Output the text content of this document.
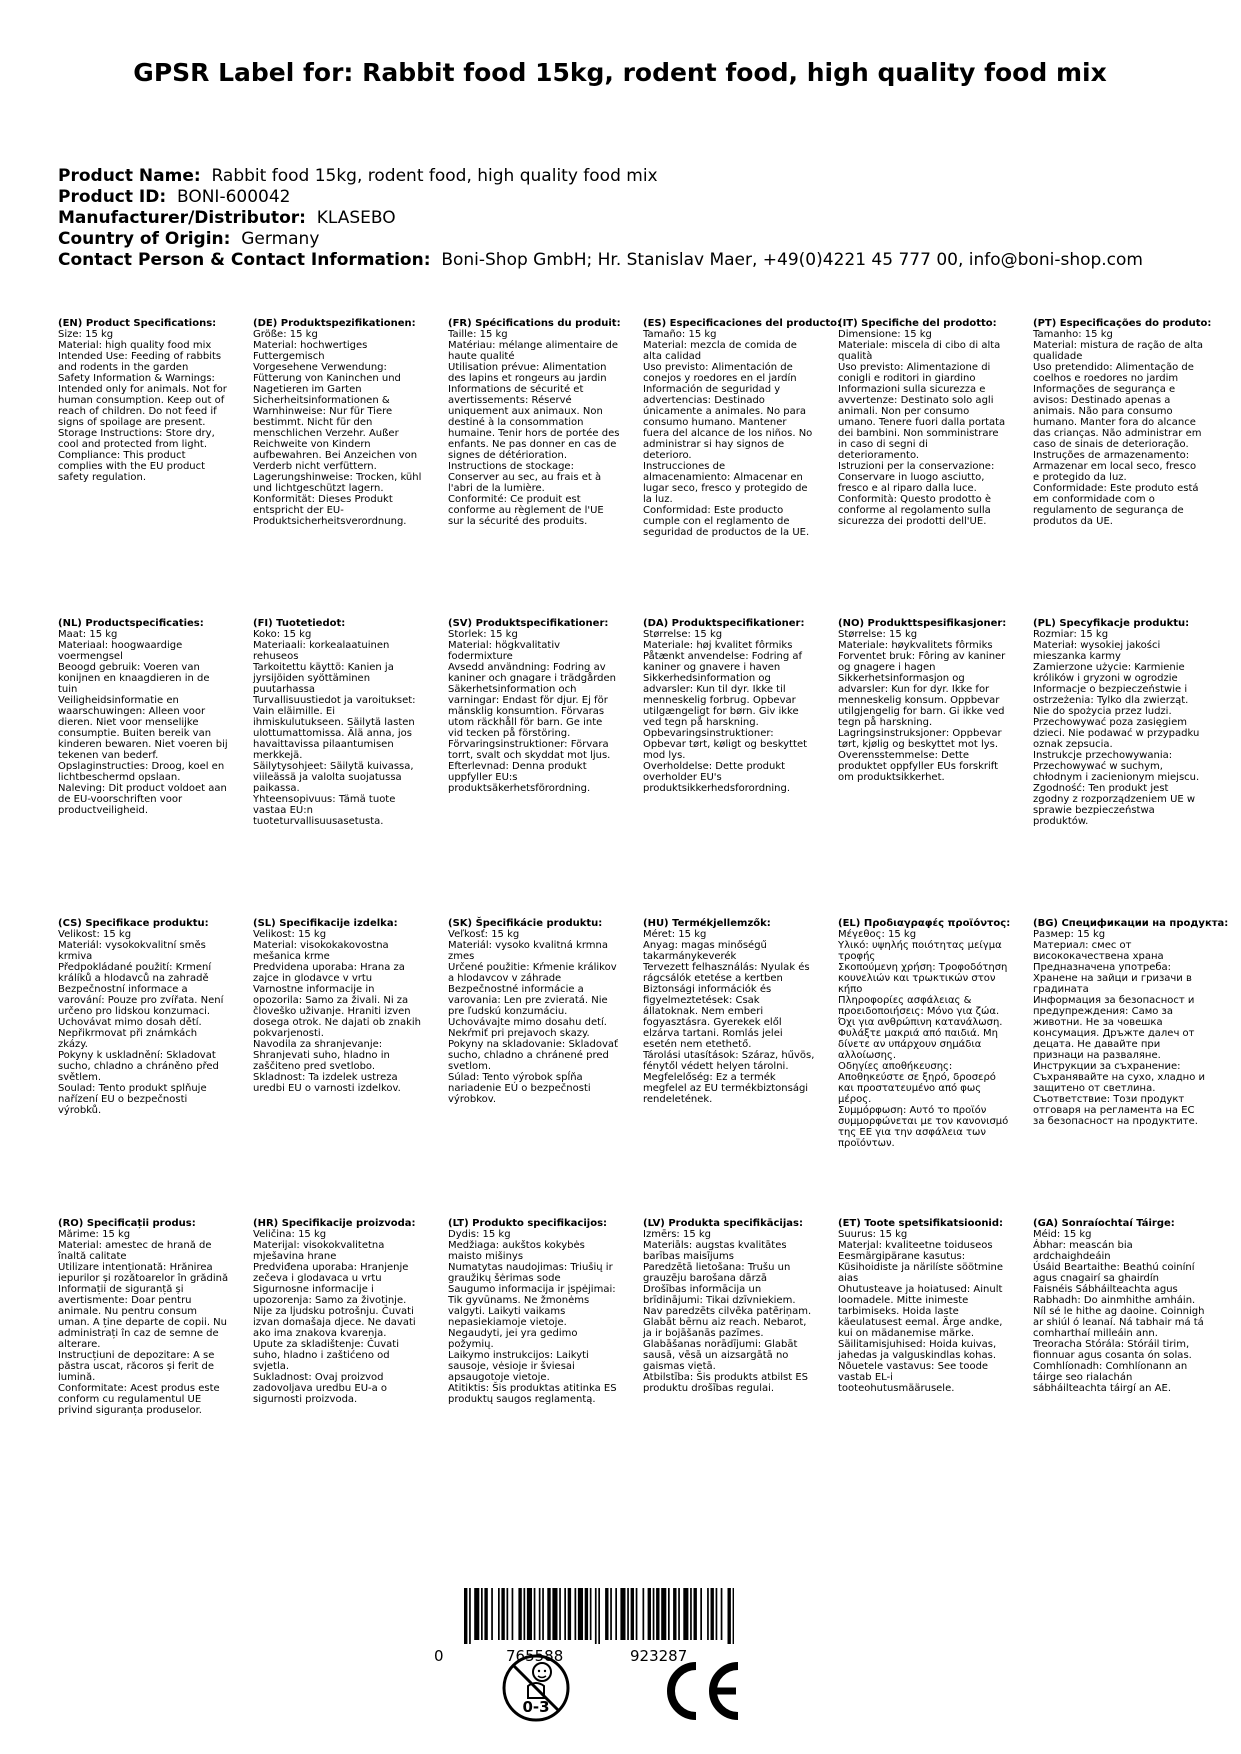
GPSR Label for: Rabbit food 15kg, rodent food, high quality food mix
Product Name: Rabbit food 15kg, rodent food, high quality food mix
Product ID: BONI-600042
Manufacturer/Distributor: KLASEBO
Country of Origin: Germany
Contact Person & Contact Information: Boni-Shop GmbH; Hr. Stanislav Maer, +49(0)4221 45 777 00, info@boni-shop.com
(EN) Product Specifications:
Size: 15 kg
Material: high quality food mix
Intended Use: Feeding of rabbits and rodents in the garden
Safety Information & Warnings: Intended only for animals. Not for human consumption. Keep out of reach of children. Do not feed if signs of spoilage are present.
Storage Instructions: Store dry, cool and protected from light.
Compliance: This product complies with the EU product safety regulation.
(DE) Produktspezifikationen:
Größe: 15 kg
Material: hochwertiges Futtergemisch
Vorgesehene Verwendung: Fütterung von Kaninchen und Nagetieren im Garten
Sicherheitsinformationen & Warnhinweise: Nur für Tiere bestimmt. Nicht für den menschlichen Verzehr. Außer Reichweite von Kindern aufbewahren. Bei Anzeichen von Verderb nicht verfüttern.
Lagerungshinweise: Trocken, kühl und lichtgeschützt lagern.
Konformität: Dieses Produkt entspricht der EU-Produktsicherheitsverordnung.
(FR) Spécifications du produit:
Taille: 15 kg
Matériau: mélange alimentaire de haute qualité
Utilisation prévue: Alimentation des lapins et rongeurs au jardin
Informations de sécurité et avertissements: Réservé uniquement aux animaux. Non destiné à la consommation humaine. Tenir hors de portée des enfants. Ne pas donner en cas de signes de détérioration.
Instructions de stockage: Conserver au sec, au frais et à l'abri de la lumière.
Conformité: Ce produit est conforme au règlement de l'UE sur la sécurité des produits.
(ES) Especificaciones del producto:
Tamaño: 15 kg
Material: mezcla de comida de alta calidad
Uso previsto: Alimentación de conejos y roedores en el jardín
Información de seguridad y advertencias: Destinado únicamente a animales. No para consumo humano. Mantener fuera del alcance de los niños. No administrar si hay signos de deterioro.
Instrucciones de almacenamiento: Almacenar en lugar seco, fresco y protegido de la luz.
Conformidad: Este producto cumple con el reglamento de seguridad de productos de la UE.
(IT) Specifiche del prodotto:
Dimensione: 15 kg
Materiale: miscela di cibo di alta qualità
Uso previsto: Alimentazione di conigli e roditori in giardino
Informazioni sulla sicurezza e avvertenze: Destinato solo agli animali. Non per consumo umano. Tenere fuori dalla portata dei bambini. Non somministrare in caso di segni di deterioramento.
Istruzioni per la conservazione: Conservare in luogo asciutto, fresco e al riparo dalla luce.
Conformità: Questo prodotto è conforme al regolamento sulla sicurezza dei prodotti dell'UE.
(PT) Especificações do produto:
Tamanho: 15 kg
Material: mistura de ração de alta qualidade
Uso pretendido: Alimentação de coelhos e roedores no jardim
Informações de segurança e avisos: Destinado apenas a animais. Não para consumo humano. Manter fora do alcance das crianças. Não administrar em caso de sinais de deterioração.
Instruções de armazenamento: Armazenar em local seco, fresco e protegido da luz.
Conformidade: Este produto está em conformidade com o regulamento de segurança de produtos da UE.
(NL) Productspecificaties:
Maat: 15 kg
Materiaal: hoogwaardige voermengsel
Beoogd gebruik: Voeren van konijnen en knaagdieren in de tuin
Veiligheidsinformatie en waarschuwingen: Alleen voor dieren. Niet voor menselijke consumptie. Buiten bereik van kinderen bewaren. Niet voeren bij tekenen van bederf.
Opslaginstructies: Droog, koel en lichtbeschermd opslaan.
Naleving: Dit product voldoet aan de EU-voorschriften voor productveiligheid.
(FI) Tuotetiedot:
Koko: 15 kg
Materiaali: korkealaatuinen rehuseos
Tarkoitettu käyttö: Kanien ja jyrsijöiden syöttäminen puutarhassa
Turvallisuustiedot ja varoitukset: Vain eläimille. Ei ihmiskulutukseen. Säilytä lasten ulottumattomissa. Älä anna, jos havaittavissa pilaantumisen merkkejä.
Säilytysohjeet: Säilytä kuivassa, viileässä ja valolta suojatussa paikassa.
Yhteensopivuus: Tämä tuote vastaa EU:n tuoteturvallisuusasetusta.
(SV) Produktspecifikationer:
Storlek: 15 kg
Material: högkvalitativ fodermixture
Avsedd användning: Fodring av kaniner och gnagare i trädgården
Säkerhetsinformation och varningar: Endast för djur. Ej för mänsklig konsumtion. Förvaras utom räckhåll för barn. Ge inte vid tecken på förstöring.
Förvaringsinstruktioner: Förvara torrt, svalt och skyddat mot ljus.
Efterlevnad: Denna produkt uppfyller EU:s produktsäkerhetsförordning.
(DA) Produktspecifikationer:
Størrelse: 15 kg
Materiale: høj kvalitet fôrmiks
Påtænkt anvendelse: Fodring af kaniner og gnavere i haven
Sikkerhedsinformation og advarsler: Kun til dyr. Ikke til menneskelig forbrug. Opbevar utilgængeligt for børn. Giv ikke ved tegn på harskning.
Opbevaringsinstruktioner: Opbevar tørt, køligt og beskyttet mod lys.
Overholdelse: Dette produkt overholder EU's produktsikkerhedsforordning.
(NO) Produkttspesifikasjoner:
Størrelse: 15 kg
Materiale: høykvalitets fôrmiks
Forventet bruk: Fôring av kaniner og gnagere i hagen
Sikkerhetsinformasjon og advarsler: Kun for dyr. Ikke for menneskelig konsum. Oppbevar utilgjengelig for barn. Gi ikke ved tegn på harskning.
Lagringsinstruksjoner: Oppbevar tørt, kjølig og beskyttet mot lys.
Overensstemmelse: Dette produktet oppfyller EUs forskrift om produktsikkerhet.
(PL) Specyfikacje produktu:
Rozmiar: 15 kg
Materiał: wysokiej jakości mieszanka karmy
Zamierzone użycie: Karmienie królików i gryzoni w ogrodzie
Informacje o bezpieczeństwie i ostrzeżenia: Tylko dla zwierząt. Nie do spożycia przez ludzi. Przechowywać poza zasięgiem dzieci. Nie podawać w przypadku oznak zepsucia.
Instrukcje przechowywania: Przechowywać w suchym, chłodnym i zacienionym miejscu.
Zgodność: Ten produkt jest zgodny z rozporządzeniem UE w sprawie bezpieczeństwa produktów.
(CS) Specifikace produktu:
Velikost: 15 kg
Materiál: vysokokvalitní směs krmiva
Předpokládané použití: Krmení králíků a hlodavců na zahradě
Bezpečnostní informace a varování: Pouze pro zvířata. Není určeno pro lidskou konzumaci. Uchovávat mimo dosah dětí. Nepřikrmovat při známkách zkázy.
Pokyny k uskladnění: Skladovat sucho, chladno a chráněno před světlem.
Soulad: Tento produkt splňuje nařízení EU o bezpečnosti výrobků.
(SL) Specifikacije izdelka:
Velikost: 15 kg
Material: visokokakovostna mešanica krme
Predvidena uporaba: Hrana za zajce in glodavce v vrtu
Varnostne informacije in opozorila: Samo za živali. Ni za človeško uživanje. Hraniti izven dosega otrok. Ne dajati ob znakih pokvarjenosti.
Navodila za shranjevanje: Shranjevati suho, hladno in zaščiteno pred svetlobo.
Skladnost: Ta izdelek ustreza uredbi EU o varnosti izdelkov.
(SK) Špecifikácie produktu:
Veľkosť: 15 kg
Materiál: vysoko kvalitná krmna zmes
Určené použitie: Kŕmenie králikov a hlodavcov v záhrade
Bezpečnostné informácie a varovania: Len pre zvieratá. Nie pre ľudskú konzumáciu. Uchovávajte mimo dosahu detí. Nekŕmiť pri prejavoch skazy.
Pokyny na skladovanie: Skladovať sucho, chladno a chránené pred svetlom.
Súlad: Tento výrobok spĺňa nariadenie EÚ o bezpečnosti výrobkov.
(HU) Termékjellemzők:
Méret: 15 kg
Anyag: magas minőségű takarmánykeverék
Tervezett felhasználás: Nyulak és rágcsálók etetése a kertben
Biztonsági információk és figyelmeztetések: Csak állatoknak. Nem emberi fogyasztásra. Gyerekek elől elzárva tartani. Romlás jelei esetén nem etethető.
Tárolási utasítások: Száraz, hűvös, fénytől védett helyen tárolni.
Megfelelőség: Ez a termék megfelel az EU termékbiztonsági rendeletének.
(EL) Προδιαγραφές προϊόντος:
Μέγεθος: 15 kg
Υλικό: υψηλής ποιότητας μείγμα τροφής
Σκοπούμενη χρήση: Τροφοδότηση κουνελιών και τρωκτικών στον κήπο
Πληροφορίες ασφάλειας & προειδοποιήσεις: Μόνο για ζώα. Όχι για ανθρώπινη κατανάλωση. Φυλάξτε μακριά από παιδιά. Μη δίνετε αν υπάρχουν σημάδια αλλοίωσης.
Οδηγίες αποθήκευσης: Αποθηκεύστε σε ξηρό, δροσερό και προστατευμένο από φως μέρος.
Συμμόρφωση: Αυτό το προϊόν συμμορφώνεται με τον κανονισμό της ΕΕ για την ασφάλεια των προϊόντων.
(BG) Спецификации на продукта:
Размер: 15 kg
Материал: смес от висококачествена храна
Предназначена употреба: Хранене на зайци и гризачи в градината
Информация за безопасност и предупреждения: Само за животни. Не за човешка консумация. Дръжте далеч от децата. Не давайте при признаци на разваляне.
Инструкции за съхранение: Съхранявайте на сухо, хладно и защитено от светлина.
Съответствие: Този продукт отговаря на регламента на ЕС за безопасност на продуктите.
(RO) Specificații produs:
Mărime: 15 kg
Material: amestec de hrană de înaltă calitate
Utilizare intenționată: Hrănirea iepurilor și rozătoarelor în grădină
Informații de siguranță și avertismente: Doar pentru animale. Nu pentru consum uman. A ține departe de copii. Nu administrați în caz de semne de alterare.
Instrucțiuni de depozitare: A se păstra uscat, răcoros și ferit de lumină.
Conformitate: Acest produs este conform cu regulamentul UE privind siguranța produselor.
(HR) Specifikacije proizvoda:
Veličina: 15 kg
Materijal: visokokvalitetna mješavina hrane
Predviđena uporaba: Hranjenje zečeva i glodavaca u vrtu
Sigurnosne informacije i upozorenja: Samo za životinje. Nije za ljudsku potrošnju. Čuvati izvan domašaja djece. Ne davati ako ima znakova kvarenja.
Upute za skladištenje: Čuvati suho, hladno i zaštićeno od svjetla.
Sukladnost: Ovaj proizvod zadovoljava uredbu EU-a o sigurnosti proizvoda.
(LT) Produkto specifikacijos:
Dydis: 15 kg
Medžiaga: aukštos kokybės maisto mišinys
Numatytas naudojimas: Triušių ir graužikų šėrimas sode
Saugumo informacija ir įspėjimai: Tik gyvūnams. Ne žmonėms valgyti. Laikyti vaikams nepasiekiamoje vietoje. Negaudyti, jei yra gedimo požymių.
Laikymo instrukcijos: Laikyti sausoje, vėsioje ir šviesai apsaugotoje vietoje.
Atitiktis: Šis produktas atitinka ES produktų saugos reglamentą.
(LV) Produkta specifikācijas:
Izmērs: 15 kg
Materiāls: augstas kvalitātes barības maisījums
Paredzētā lietošana: Trušu un grauzēju barošana dārzā
Drošības informācija un brīdinājumi: Tikai dzīvniekiem. Nav paredzēts cilvēka patēriņam. Glabāt bērnu aiz reach. Nebarot, ja ir bojāšanās pazīmes.
Glabāšanas norādījumi: Glabāt sausā, vēsā un aizsargātā no gaismas vietā.
Atbilstība: Šis produkts atbilst ES produktu drošības regulai.
(ET) Toote spetsifikatsioonid:
Suurus: 15 kg
Materjal: kvaliteetne toiduseos
Eesmärgipärane kasutus: Küsihoidiste ja närilíste söötmine aias
Ohutusteave ja hoiatused: Ainult loomadele. Mitte inimeste tarbimiseks. Hoida laste käeulatusest eemal. Ärge andke, kui on mädanemise märke.
Säilitamisjuhised: Hoida kuivas, jahedas ja valguskindlas kohas.
Nõuetele vastavus: See toode vastab EL-i tooteohutusmäärusele.
(GA) Sonraíochtaí Táirge:
Méid: 15 kg
Ábhar: meascán bia ardchaighdeáin
Úsáid Beartaithe: Beathú coiníní agus cnagairí sa ghairdín
Faisnéis Sábháilteachta agus Rabhadh: Do ainmhithe amháin. Níl sé le hithe ag daoine. Coinnigh ar shiúl ó leanaí. Ná tabhair má tá comharthaí milleáin ann.
Treoracha Stórála: Stóráil tirim, fionnuar agus cosanta ón solas.
Comhlíonadh: Comhlíonann an táirge seo rialachán sábháilteachta táirgí an AE.
0	765588	923287
0-3
